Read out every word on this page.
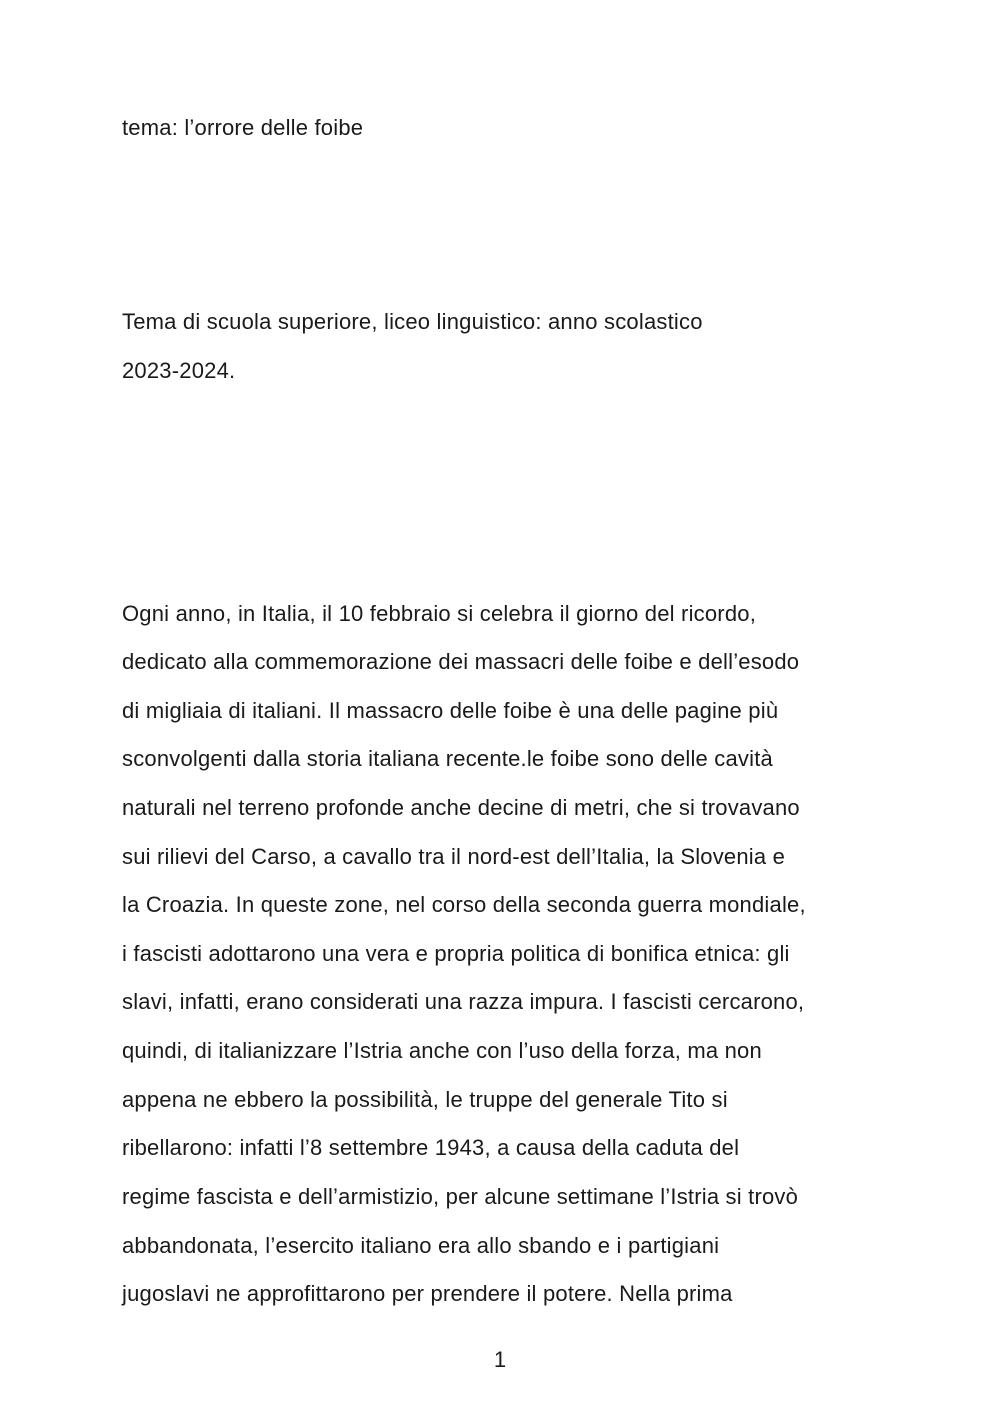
tema: l’orrore delle foibe
Tema di scuola superiore, liceo linguistico: anno scolastico
2023-2024.
Ogni anno, in Italia, il 10 febbraio si celebra il giorno del ricordo,
dedicato alla commemorazione dei massacri delle foibe e dell’esodo
di migliaia di italiani. Il massacro delle foibe è una delle pagine più
sconvolgenti dalla storia italiana recente.le foibe sono delle cavità
naturali nel terreno profonde anche decine di metri, che si trovavano
sui rilievi del Carso, a cavallo tra il nord-est dell’Italia, la Slovenia e
la Croazia. In queste zone, nel corso della seconda guerra mondiale,
i fascisti adottarono una vera e propria politica di bonifica etnica: gli
slavi, infatti, erano considerati una razza impura. I fascisti cercarono,
quindi, di italianizzare l’Istria anche con l’uso della forza, ma non
appena ne ebbero la possibilità, le truppe del generale Tito si
ribellarono: infatti l’8 settembre 1943, a causa della caduta del
regime fascista e dell’armistizio, per alcune settimane l’Istria si trovò
abbandonata, l’esercito italiano era allo sbando e i partigiani
jugoslavi ne approfittarono per prendere il potere. Nella prima
1
